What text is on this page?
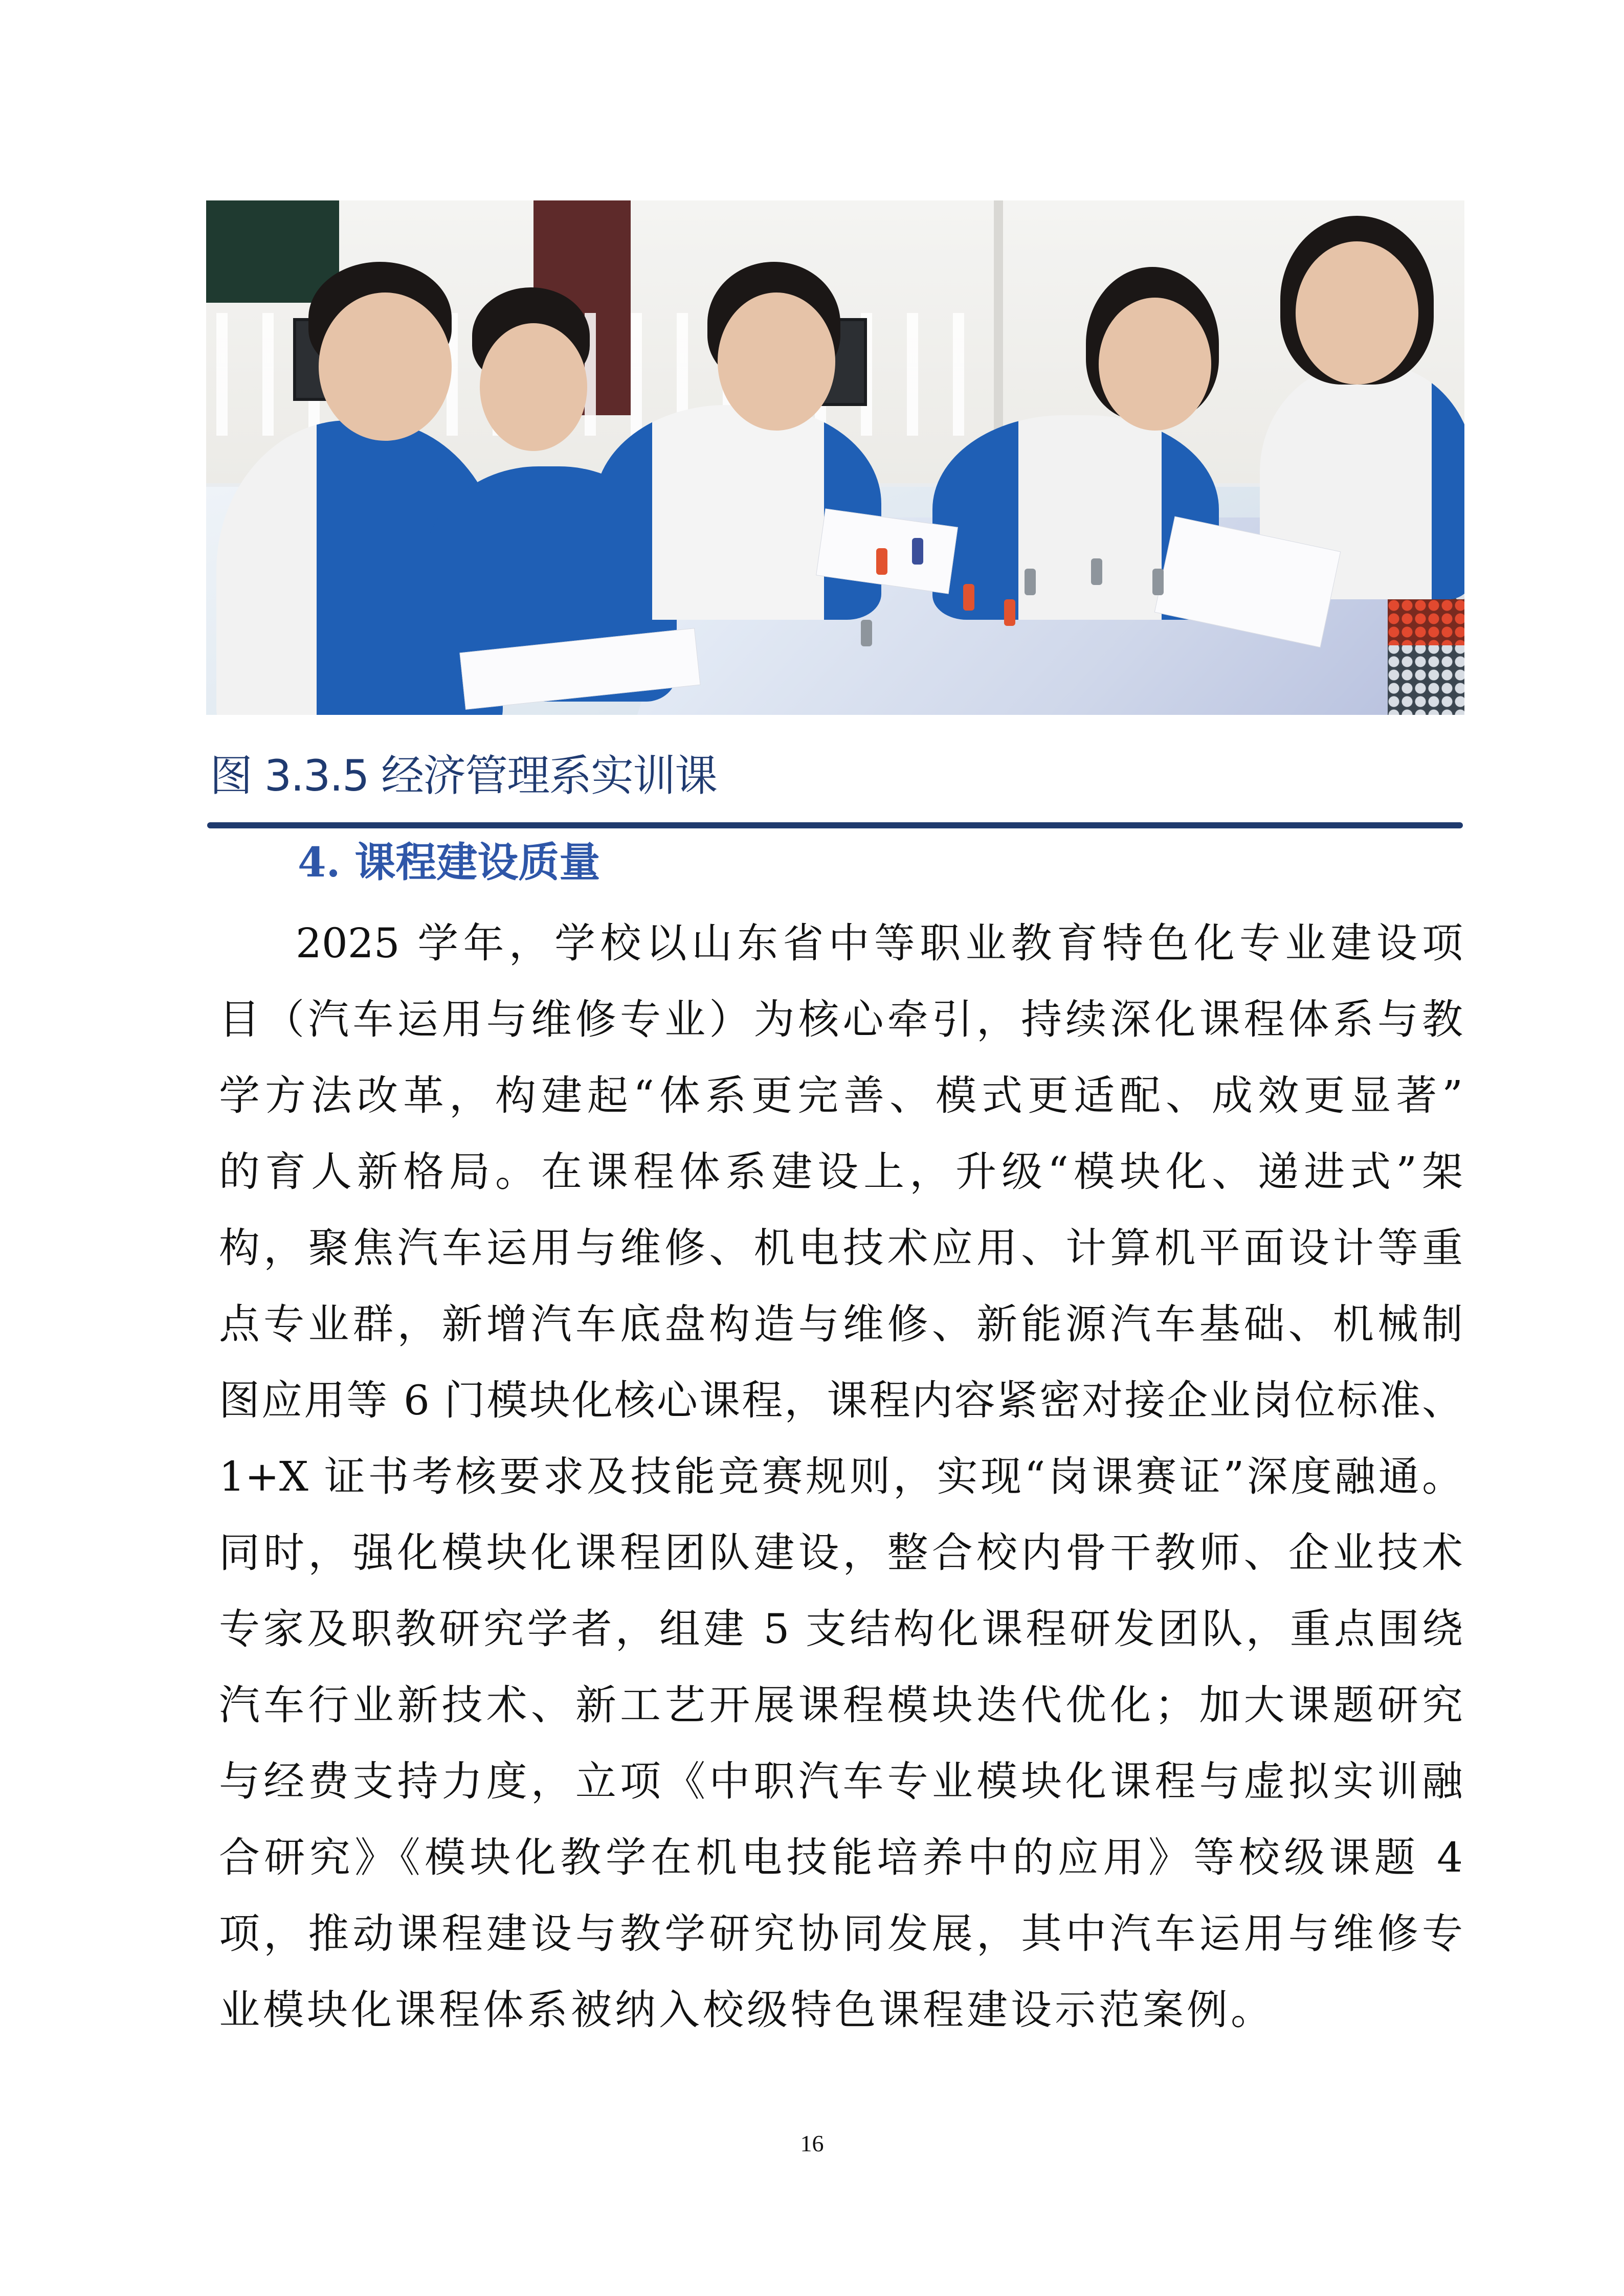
图 3.3.5 经济管理系实训课
4. 课程建设质量
2025 学年，学校以山东省中等职业教育特色化专业建设项
目（汽车运用与维修专业）为核心牵引，持续深化课程体系与教
学方法改革，构建起“体系更完善、模式更适配、成效更显著”
的育人新格局。在课程体系建设上，升级“模块化、递进式”架
构，聚焦汽车运用与维修、机电技术应用、计算机平面设计等重
点专业群，新增汽车底盘构造与维修、新能源汽车基础、机械制
图应用等 6 门模块化核心课程，课程内容紧密对接企业岗位标准、
1+X 证书考核要求及技能竞赛规则，实现“岗课赛证”深度融通。
同时，强化模块化课程团队建设，整合校内骨干教师、企业技术
专家及职教研究学者，组建 5 支结构化课程研发团队，重点围绕
汽车行业新技术、新工艺开展课程模块迭代优化；加大课题研究
与经费支持力度，立项《中职汽车专业模块化课程与虚拟实训融
合研究》《模块化教学在机电技能培养中的应用》等校级课题 4
项，推动课程建设与教学研究协同发展，其中汽车运用与维修专
业模块化课程体系被纳入校级特色课程建设示范案例。
16
